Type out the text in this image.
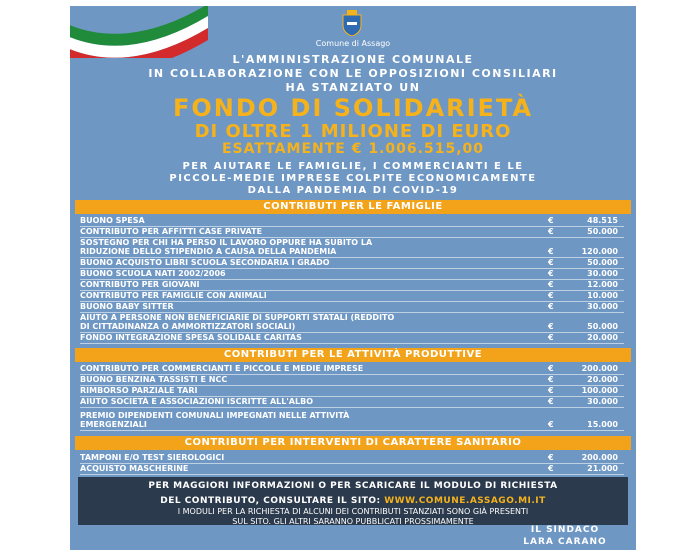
Comune di Assago
L'AMMINISTRAZIONE COMUNALE
IN COLLABORAZIONE CON LE OPPOSIZIONI CONSILIARI
HA STANZIATO UN
FONDO DI SOLIDARIETÀ
DI OLTRE 1 MILIONE DI EURO
ESATTAMENTE € 1.006.515,00
PER AIUTARE LE FAMIGLIE, I COMMERCIANTI E LE
PICCOLE-MEDIE IMPRESE COLPITE ECONOMICAMENTE
DALLA PANDEMIA DI COVID-19
CONTRIBUTI PER LE FAMIGLIE
BUONO SPESA	€	48.515
CONTRIBUTO PER AFFITTI CASE PRIVATE	€	50.000
SOSTEGNO PER CHI HA PERSO IL LAVORO OPPURE HA SUBITO LA
RIDUZIONE DELLO STIPENDIO A CAUSA DELLA PANDEMIA	€	120.000
BUONO ACQUISTO LIBRI SCUOLA SECONDARIA I GRADO	€	50.000
BUONO SCUOLA NATI 2002/2006	€	30.000
CONTRIBUTO PER GIOVANI	€	12.000
CONTRIBUTO PER FAMIGLIE CON ANIMALI	€	10.000
BUONO BABY SITTER	€	30.000
AIUTO A PERSONE NON BENEFICIARIE DI SUPPORTI STATALI (REDDITO
DI CITTADINANZA O AMMORTIZZATORI SOCIALI)	€	50.000
FONDO INTEGRAZIONE SPESA SOLIDALE CARITAS	€	20.000
CONTRIBUTI PER LE ATTIVITÀ PRODUTTIVE
CONTRIBUTO PER COMMERCIANTI E PICCOLE E MEDIE IMPRESE	€	200.000
BUONO BENZINA TASSISTI E NCC	€	20.000
RIMBORSO PARZIALE TARI	€	100.000
AIUTO SOCIETÀ E ASSOCIAZIONI ISCRITTE ALL'ALBO	€	30.000
PREMIO DIPENDENTI COMUNALI IMPEGNATI NELLE ATTIVITÀ
EMERGENZIALI	€	15.000
CONTRIBUTI PER INTERVENTI DI CARATTERE SANITARIO
TAMPONI E/O TEST SIEROLOGICI	€	200.000
ACQUISTO MASCHERINE	€	21.000
PER MAGGIORI INFORMAZIONI O PER SCARICARE IL MODULO DI RICHIESTA
DEL CONTRIBUTO, CONSULTARE IL SITO: WWW.COMUNE.ASSAGO.MI.IT
I MODULI PER LA RICHIESTA DI ALCUNI DEI CONTRIBUTI STANZIATI SONO GIÀ PRESENTI
SUL SITO. GLI ALTRI SARANNO PUBBLICATI PROSSIMAMENTE
IL SINDACO
LARA CARANO
